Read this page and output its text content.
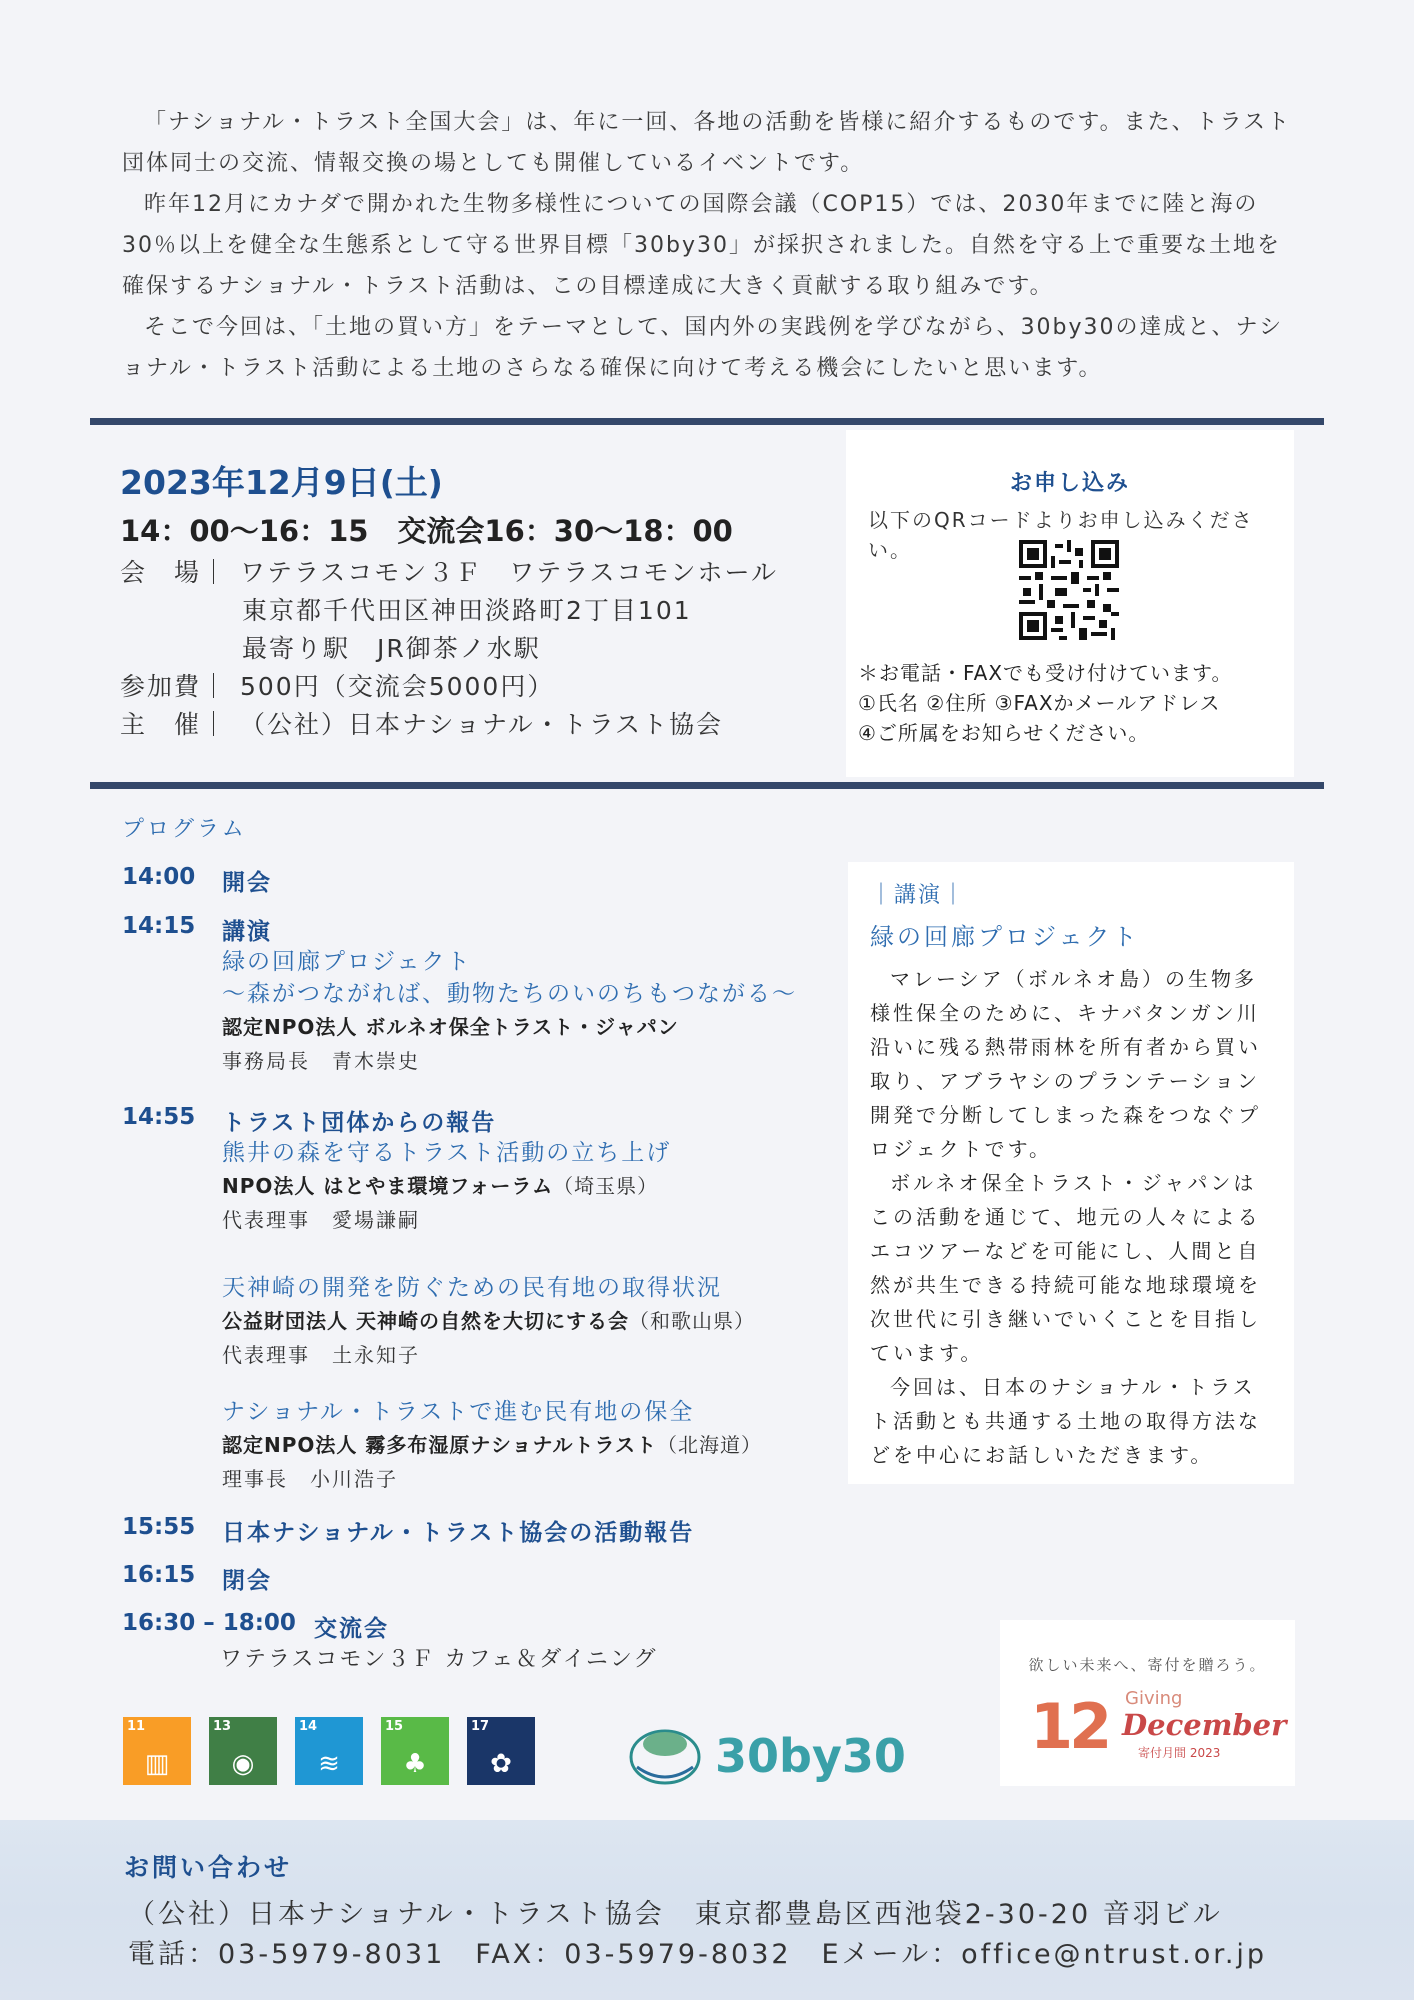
「ナショナル・トラスト全国大会」は、年に一回、各地の活動を皆様に紹介するものです。また、トラスト団体同士の交流、情報交換の場としても開催しているイベントです。

昨年12月にカナダで開かれた生物多様性についての国際会議（COP15）では、2030年までに陸と海の30％以上を健全な生態系として守る世界目標「30by30」が採択されました。自然を守る上で重要な土地を確保するナショナル・トラスト活動は、この目標達成に大きく貢献する取り組みです。

そこで今回は、「土地の買い方」をテーマとして、国内外の実践例を学びながら、30by30の達成と、ナショナル・トラスト活動による土地のさらなる確保に向けて考える機会にしたいと思います。

2023年12月9日(土)
14：00〜16：15　交流会16：30〜18：00
会　場｜ ワテラスコモン３Ｆ　ワテラスコモンホール
東京都千代田区神田淡路町2丁目101
最寄り駅　JR御茶ノ水駅
参加費｜ 500円（交流会5000円）
主　催｜ （公社）日本ナショナル・トラスト協会
お申し込み
以下のQRコードよりお申し込みください。
＊お電話・FAXでも受け付けています。
①氏名 ②住所 ③FAXかメールアドレス
④ご所属をお知らせください。
プログラム
14:00	開会
14:15	講演
緑の回廊プロジェクト
～森がつながれば、動物たちのいのちもつながる～
認定NPO法人 ボルネオ保全トラスト・ジャパン
事務局長　青木崇史
14:55	トラスト団体からの報告
熊井の森を守るトラスト活動の立ち上げ
NPO法人 はとやま環境フォーラム（埼玉県）
代表理事　愛場謙嗣
天神崎の開発を防ぐための民有地の取得状況
公益財団法人 天神崎の自然を大切にする会（和歌山県）
代表理事　土永知子
ナショナル・トラストで進む民有地の保全
認定NPO法人 霧多布湿原ナショナルトラスト（北海道）
理事長　小川浩子
15:55	日本ナショナル・トラスト協会の活動報告
16:15	閉会
16:30 – 18:00 交流会
ワテラスコモン３Ｆ カフェ＆ダイニング
｜講演｜
緑の回廊プロジェクト

マレーシア（ボルネオ島）の生物多様性保全のために、キナバタンガン川沿いに残る熱帯雨林を所有者から買い取り、アブラヤシのプランテーション開発で分断してしまった森をつなぐプロジェクトです。

ボルネオ保全トラスト・ジャパンはこの活動を通じて、地元の人々によるエコツアーなどを可能にし、人間と自然が共生できる持続可能な地球環境を次世代に引き継いでいくことを目指しています。

今回は、日本のナショナル・トラスト活動とも共通する土地の取得方法などを中心にお話しいただきます。

11
▥
13
◉
14
≋
15
♣
17
✿	30by30
欲しい未来へ、寄付を贈ろう。
12 Giving
December
寄付月間 2023
お問い合わせ
（公社）日本ナショナル・トラスト協会　東京都豊島区西池袋2-30-20 音羽ビル
電話：03-5979-8031　FAX：03-5979-8032　Eメール：office@ntrust.or.jp
